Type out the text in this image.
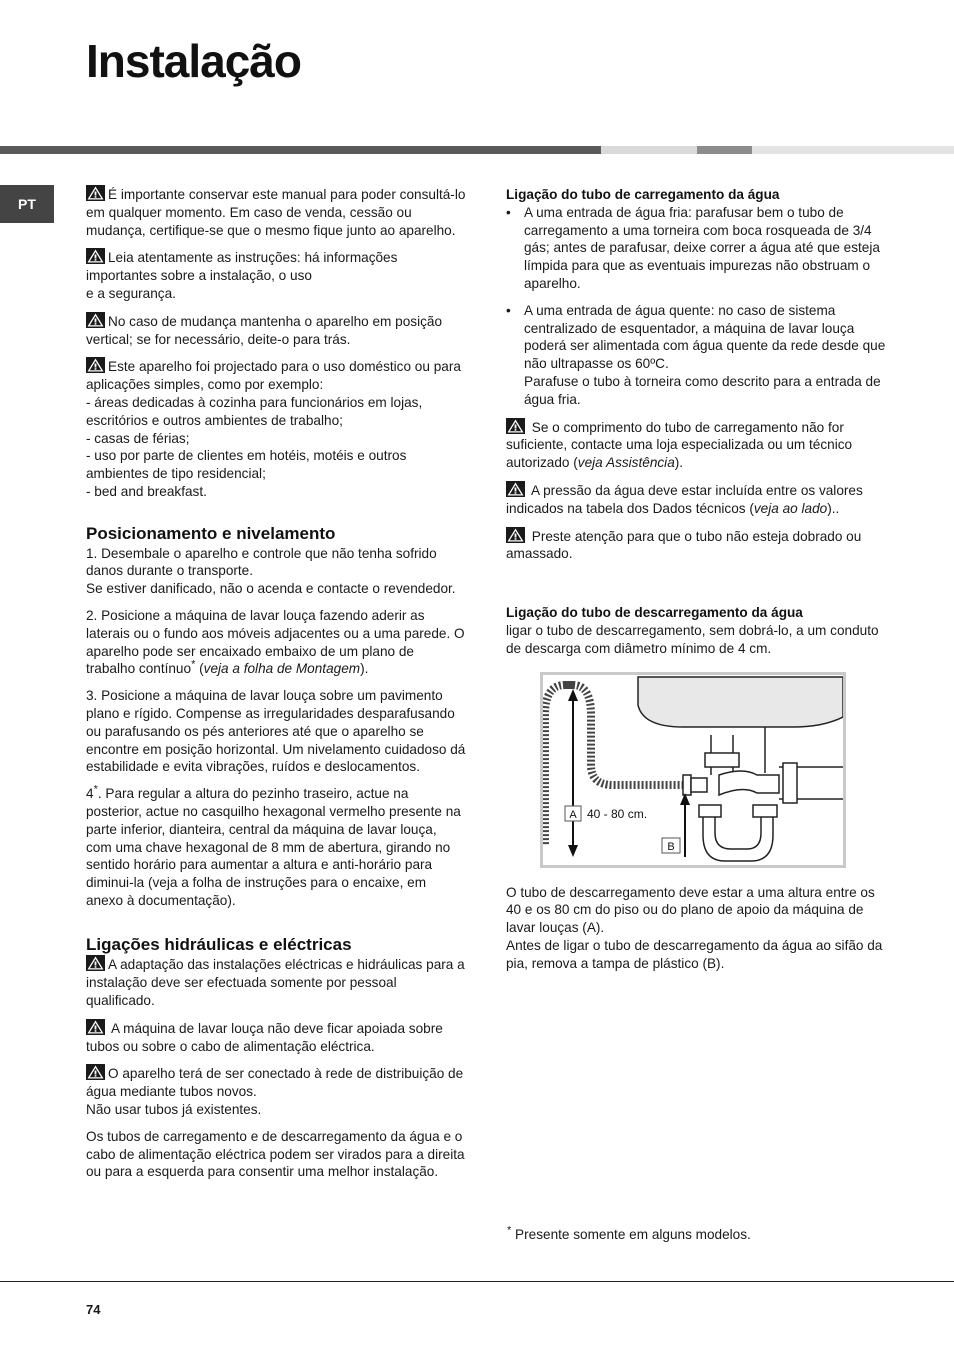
Instalação
PT

É importante conservar este manual para poder consultá-lo em qualquer momento. Em caso de venda, cessão ou mudança, certifique-se que o mesmo fique junto ao aparelho.

Leia atentamente as instruções: há informações importantes sobre a instalação, o uso
e a segurança.

No caso de mudança mantenha o aparelho em posição vertical; se for necessário, deite-o para trás.

Este aparelho foi projectado para o uso doméstico ou para aplicações simples, como por exemplo:
- áreas dedicadas à cozinha para funcionários em lojas, escritórios e outros ambientes de trabalho;
- casas de férias;
- uso por parte de clientes em hotéis, motéis e outros ambientes de tipo residencial;
- bed and breakfast.

Posicionamento e nivelamento

1. Desembale o aparelho e controle que não tenha sofrido danos durante o transporte.
Se estiver danificado, não o acenda e contacte o revendedor.

2. Posicione a máquina de lavar louça fazendo aderir as laterais ou o fundo aos móveis adjacentes ou a uma parede. O aparelho pode ser encaixado embaixo de um plano de trabalho contínuo* (veja a folha de Montagem).

3. Posicione a máquina de lavar louça sobre um pavimento plano e rígido. Compense as irregularidades desparafusando ou parafusando os pés anteriores até que o aparelho se encontre em posição horizontal. Um nivelamento cuidadoso dá estabilidade e evita vibrações, ruídos e deslocamentos.

4*. Para regular a altura do pezinho traseiro, actue na posterior, actue no casquilho hexagonal vermelho presente na parte inferior, dianteira, central da máquina de lavar louça, com uma chave hexagonal de 8 mm de abertura, girando no sentido horário para aumentar a altura e anti-horário para diminui-la (veja a folha de instruções para o encaixe, em anexo à documentação).

Ligações hidráulicas e eléctricas

A adaptação das instalações eléctricas e hidráulicas para a instalação deve ser efectuada somente por pessoal qualificado.

A máquina de lavar louça não deve ficar apoiada sobre tubos ou sobre o cabo de alimentação eléctrica.

O aparelho terá de ser conectado à rede de distribuição de água mediante tubos novos.
Não usar tubos já existentes.

Os tubos de carregamento e de descarregamento da água e o cabo de alimentação eléctrica podem ser virados para a direita ou para a esquerda para consentir uma melhor instalação.

Ligação do tubo de carregamento da água
• A uma entrada de água fria: parafusar bem o tubo de carregamento a uma torneira com boca rosqueada de 3/4 gás; antes de parafusar, deixe correr a água até que esteja límpida para que as eventuais impurezas não obstruam o aparelho.
• A uma entrada de água quente: no caso de sistema centralizado de esquentador, a máquina de lavar louça poderá ser alimentada com água quente da rede desde que não ultrapasse os 60ºC.
Parafuse o tubo à torneira como descrito para a entrada de água fria.

Se o comprimento do tubo de carregamento não for suficiente, contacte uma loja especializada ou um técnico autorizado (veja Assistência).

A pressão da água deve estar incluída entre os valores indicados na tabela dos Dados técnicos (veja ao lado)..

Preste atenção para que o tubo não esteja dobrado ou amassado.

Ligação do tubo de descarregamento da água

ligar o tubo de descarregamento, sem dobrá-lo, a um conduto de descarga com diâmetro mínimo de 4 cm.

A 40 - 80 cm.
B

O tubo de descarregamento deve estar a uma altura entre os 40 e os 80 cm do piso ou do plano de apoio da máquina de lavar louças (A).
Antes de ligar o tubo de descarregamento da água ao sifão da pia, remova a tampa de plástico (B).

* Presente somente em alguns modelos.
74
